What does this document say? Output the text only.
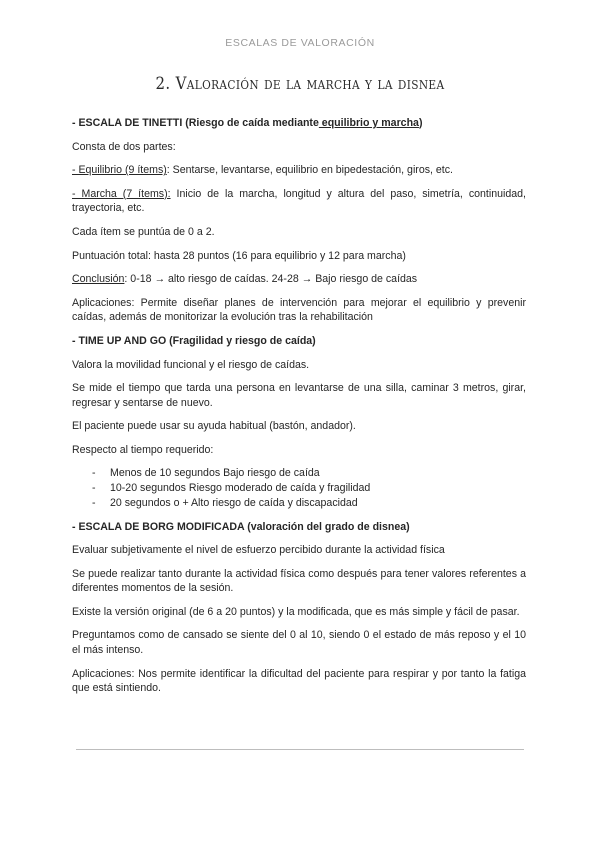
ESCALAS DE VALORACIÓN
2. Valoración de la marcha y la disnea

- ESCALA DE TINETTI (Riesgo de caída mediante equilibrio y marcha)

Consta de dos partes:

- Equilibrio (9 ítems): Sentarse, levantarse, equilibrio en bipedestación, giros, etc.

- Marcha (7 ítems): Inicio de la marcha, longitud y altura del paso, simetría, continuidad, trayectoria, etc.

Cada ítem se puntúa de 0 a 2.

Puntuación total: hasta 28 puntos (16 para equilibrio y 12 para marcha)

Conclusión: 0-18 → alto riesgo de caídas. 24-28 → Bajo riesgo de caídas

Aplicaciones: Permite diseñar planes de intervención para mejorar el equilibrio y prevenir caídas, además de monitorizar la evolución tras la rehabilitación

- TIME UP AND GO (Fragilidad y riesgo de caída)

Valora la movilidad funcional y el riesgo de caídas.

Se mide el tiempo que tarda una persona en levantarse de una silla, caminar 3 metros, girar, regresar y sentarse de nuevo.

El paciente puede usar su ayuda habitual (bastón, andador).

Respecto al tiempo requerido:

- Menos de 10 segundos Bajo riesgo de caída
- 10-20 segundos Riesgo moderado de caída y fragilidad
- 20 segundos o + Alto riesgo de caída y discapacidad

- ESCALA DE BORG MODIFICADA (valoración del grado de disnea)

Evaluar subjetivamente el nivel de esfuerzo percibido durante la actividad física

Se puede realizar tanto durante la actividad física como después para tener valores referentes a diferentes momentos de la sesión.

Existe la versión original (de 6 a 20 puntos) y la modificada, que es más simple y fácil de pasar.

Preguntamos como de cansado se siente del 0 al 10, siendo 0 el estado de más reposo y el 10 el más intenso.

Aplicaciones: Nos permite identificar la dificultad del paciente para respirar y por tanto la fatiga que está sintiendo.
